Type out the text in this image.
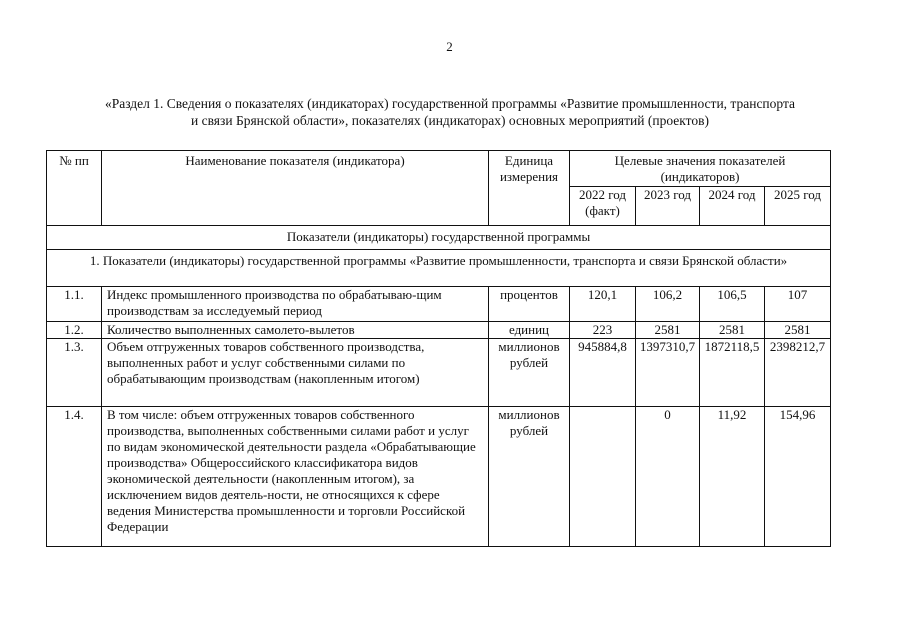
2
«Раздел 1. Сведения о показателях (индикаторах) государственной программы «Развитие промышленности, транспорта
и связи Брянской области», показателях (индикаторах) основных мероприятий (проектов)
№ пп	Наименование показателя (индикатора)	Единица измерения	Целевые значения показателей (индикаторов)			
			2022 год (факт)	2023 год	2024 год	2025 год
Показатели (индикаторы) государственной программы						
1. Показатели (индикаторы) государственной программы «Развитие промышленности, транспорта и связи Брянской области»						
1.1.	Индекс промышленного производства по обрабатываю-щим производствам за исследуемый период	процентов	120,1	106,2	106,5	107
1.2.	Количество выполненных самолето-вылетов	единиц	223	2581	2581	2581
1.3.	Объем отгруженных товаров собственного производства, выполненных работ и услуг собственными силами по обрабатывающим производствам (накопленным итогом)	миллионов рублей	945884,8	1397310,7	1872118,5	2398212,7
1.4.	В том числе: объем отгруженных товаров собственного производства, выполненных собственными силами работ и услуг по видам экономической деятельности раздела «Обрабатывающие производства» Общероссийского классификатора видов экономической деятельности (накопленным итогом), за исключением видов деятель-ности, не относящихся к сфере ведения Министерства промышленности и торговли Российской Федерации	миллионов рублей		0	11,92	154,96
